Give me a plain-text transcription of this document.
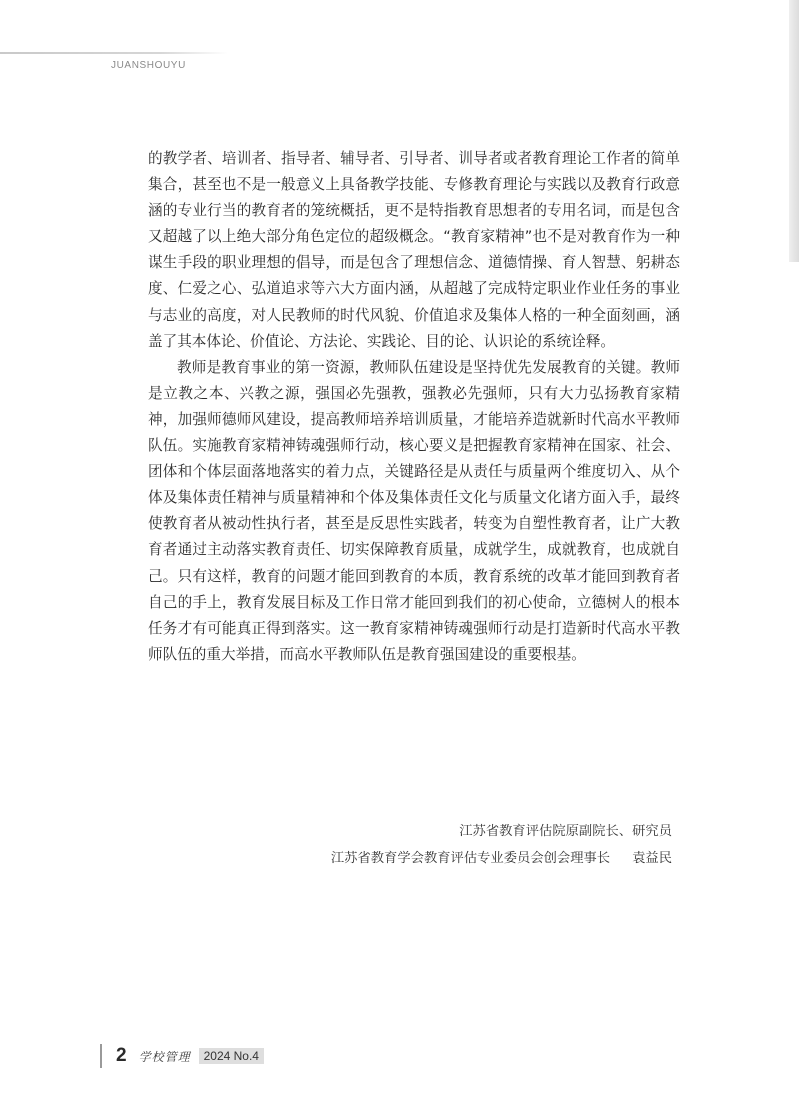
JUANSHOUYU

的教学者、培训者、指导者、辅导者、引导者、训导者或者教育理论工作者的简单集合，甚至也不是一般意义上具备教学技能、专修教育理论与实践以及教育行政意涵的专业行当的教育者的笼统概括，更不是特指教育思想者的专用名词，而是包含又超越了以上绝大部分角色定位的超级概念。“教育家精神”也不是对教育作为一种谋生手段的职业理想的倡导，而是包含了理想信念、道德情操、育人智慧、躬耕态度、仁爱之心、弘道追求等六大方面内涵，从超越了完成特定职业作业任务的事业与志业的高度，对人民教师的时代风貌、价值追求及集体人格的一种全面刻画，涵盖了其本体论、价值论、方法论、实践论、目的论、认识论的系统诠释。

教师是教育事业的第一资源，教师队伍建设是坚持优先发展教育的关键。教师是立教之本、兴教之源，强国必先强教，强教必先强师，只有大力弘扬教育家精神，加强师德师风建设，提高教师培养培训质量，才能培养造就新时代高水平教师队伍。实施教育家精神铸魂强师行动，核心要义是把握教育家精神在国家、社会、团体和个体层面落地落实的着力点，关键路径是从责任与质量两个维度切入、从个体及集体责任精神与质量精神和个体及集体责任文化与质量文化诸方面入手，最终使教育者从被动性执行者，甚至是反思性实践者，转变为自塑性教育者，让广大教育者通过主动落实教育责任、切实保障教育质量，成就学生，成就教育，也成就自己。只有这样，教育的问题才能回到教育的本质，教育系统的改革才能回到教育者自己的手上，教育发展目标及工作日常才能回到我们的初心使命，立德树人的根本任务才有可能真正得到落实。这一教育家精神铸魂强师行动是打造新时代高水平教师队伍的重大举措，而高水平教师队伍是教育强国建设的重要根基。

江苏省教育评估院原副院长、研究员
江苏省教育学会教育评估专业委员会创会理事长 袁益民
2 学校管理	2024 No.4
